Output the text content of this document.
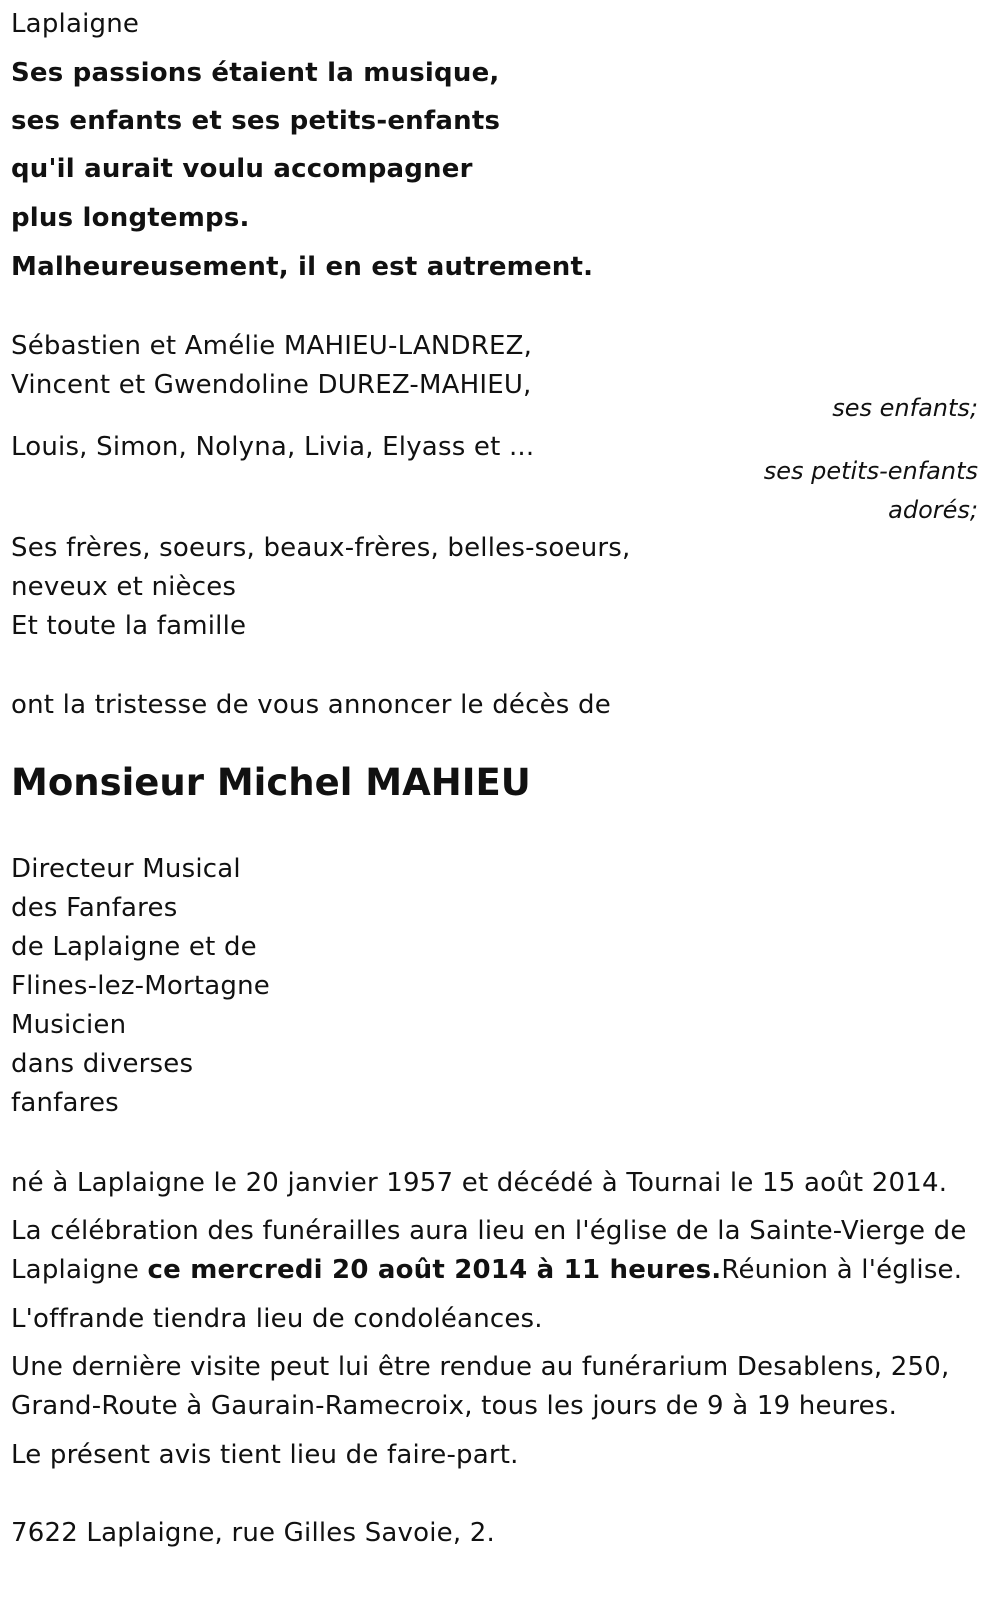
Laplaigne

Ses passions étaient la musique,

ses enfants et ses petits-enfants

qu'il aurait voulu accompagner

plus longtemps.

Malheureusement, il en est autrement.

Sébastien et Amélie MAHIEU-LANDREZ,

Vincent et Gwendoline DUREZ-MAHIEU,

ses enfants;

Louis, Simon, Nolyna, Livia, Elyass et ...

ses petits-enfants

adorés;

Ses frères, soeurs, beaux-frères, belles-soeurs,

neveux et nièces

Et toute la famille

ont la tristesse de vous annoncer le décès de

Monsieur Michel MAHIEU

Directeur Musical

des Fanfares

de Laplaigne et de

Flines-lez-Mortagne

Musicien

dans diverses

fanfares

né à Laplaigne le 20 janvier 1957 et décédé à Tournai le 15 août 2014.

La célébration des funérailles aura lieu en l'église de la Sainte-Vierge de

Laplaigne ce mercredi 20 août 2014 à 11 heures.Réunion à l'église.

L'offrande tiendra lieu de condoléances.

Une dernière visite peut lui être rendue au funérarium Desablens, 250,

Grand-Route à Gaurain-Ramecroix, tous les jours de 9 à 19 heures.

Le présent avis tient lieu de faire-part.

7622 Laplaigne, rue Gilles Savoie, 2.
